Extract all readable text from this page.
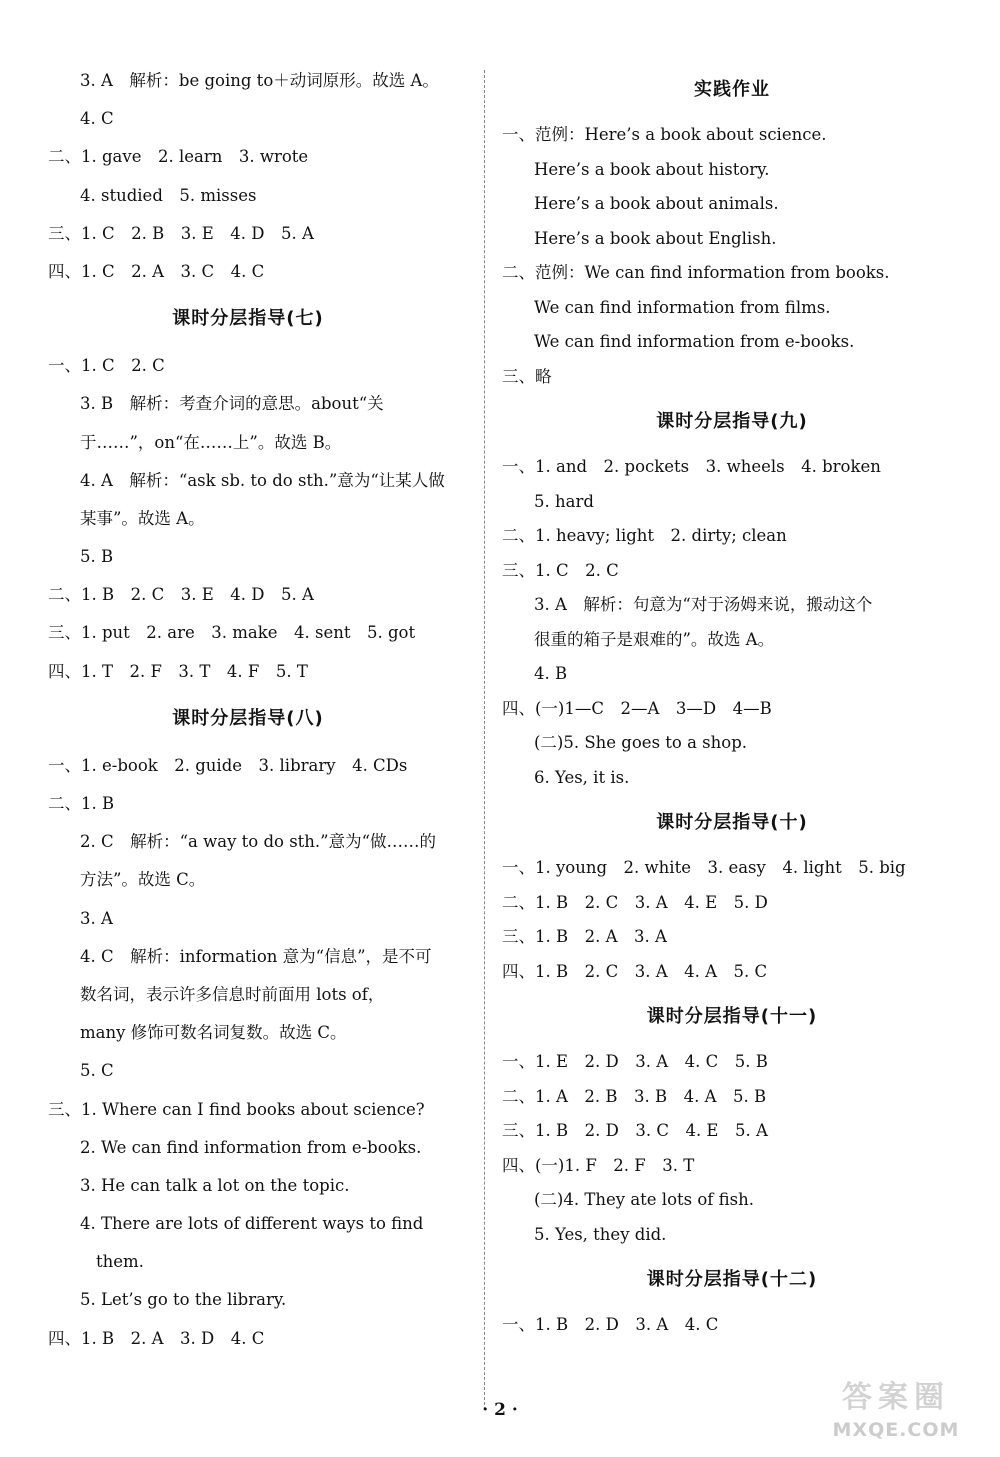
3. A　解析：be going to＋动词原形。故选 A。
4. C
二、1. gave　2. learn　3. wrote
4. studied　5. misses
三、1. C　2. B　3. E　4. D　5. A
四、1. C　2. A　3. C　4. C
课时分层指导(七)
一、1. C　2. C
3. B　解析：考查介词的意思。about“关
于……”，on“在……上”。故选 B。
4. A　解析：“ask sb. to do sth.”意为“让某人做
某事”。故选 A。
5. B
二、1. B　2. C　3. E　4. D　5. A
三、1. put　2. are　3. make　4. sent　5. got
四、1. T　2. F　3. T　4. F　5. T
课时分层指导(八)
一、1. e-book　2. guide　3. library　4. CDs
二、1. B
2. C　解析：“a way to do sth.”意为“做……的
方法”。故选 C。
3. A
4. C　解析：information 意为“信息”，是不可
数名词，表示许多信息时前面用 lots of，
many 修饰可数名词复数。故选 C。
5. C
三、1. Where can I find books about science?
2. We can find information from e-books.
3. He can talk a lot on the topic.
4. There are lots of different ways to find
them.
5. Let’s go to the library.
四、1. B　2. A　3. D　4. C
实践作业
一、范例：Here’s a book about science.
Here’s a book about history.
Here’s a book about animals.
Here’s a book about English.
二、范例：We can find information from books.
We can find information from films.
We can find information from e-books.
三、略
课时分层指导(九)
一、1. and　2. pockets　3. wheels　4. broken
5. hard
二、1. heavy; light　2. dirty; clean
三、1. C　2. C
3. A　解析：句意为“对于汤姆来说，搬动这个
很重的箱子是艰难的”。故选 A。
4. B
四、(一)1—C　2—A　3—D　4—B
(二)5. She goes to a shop.
6. Yes, it is.
课时分层指导(十)
一、1. young　2. white　3. easy　4. light　5. big
二、1. B　2. C　3. A　4. E　5. D
三、1. B　2. A　3. A
四、1. B　2. C　3. A　4. A　5. C
课时分层指导(十一)
一、1. E　2. D　3. A　4. C　5. B
二、1. A　2. B　3. B　4. A　5. B
三、1. B　2. D　3. C　4. E　5. A
四、(一)1. F　2. F　3. T
(二)4. They ate lots of fish.
5. Yes, they did.
课时分层指导(十二)
一、1. B　2. D　3. A　4. C
· 2 ·	答案圈
MXQE.COM
